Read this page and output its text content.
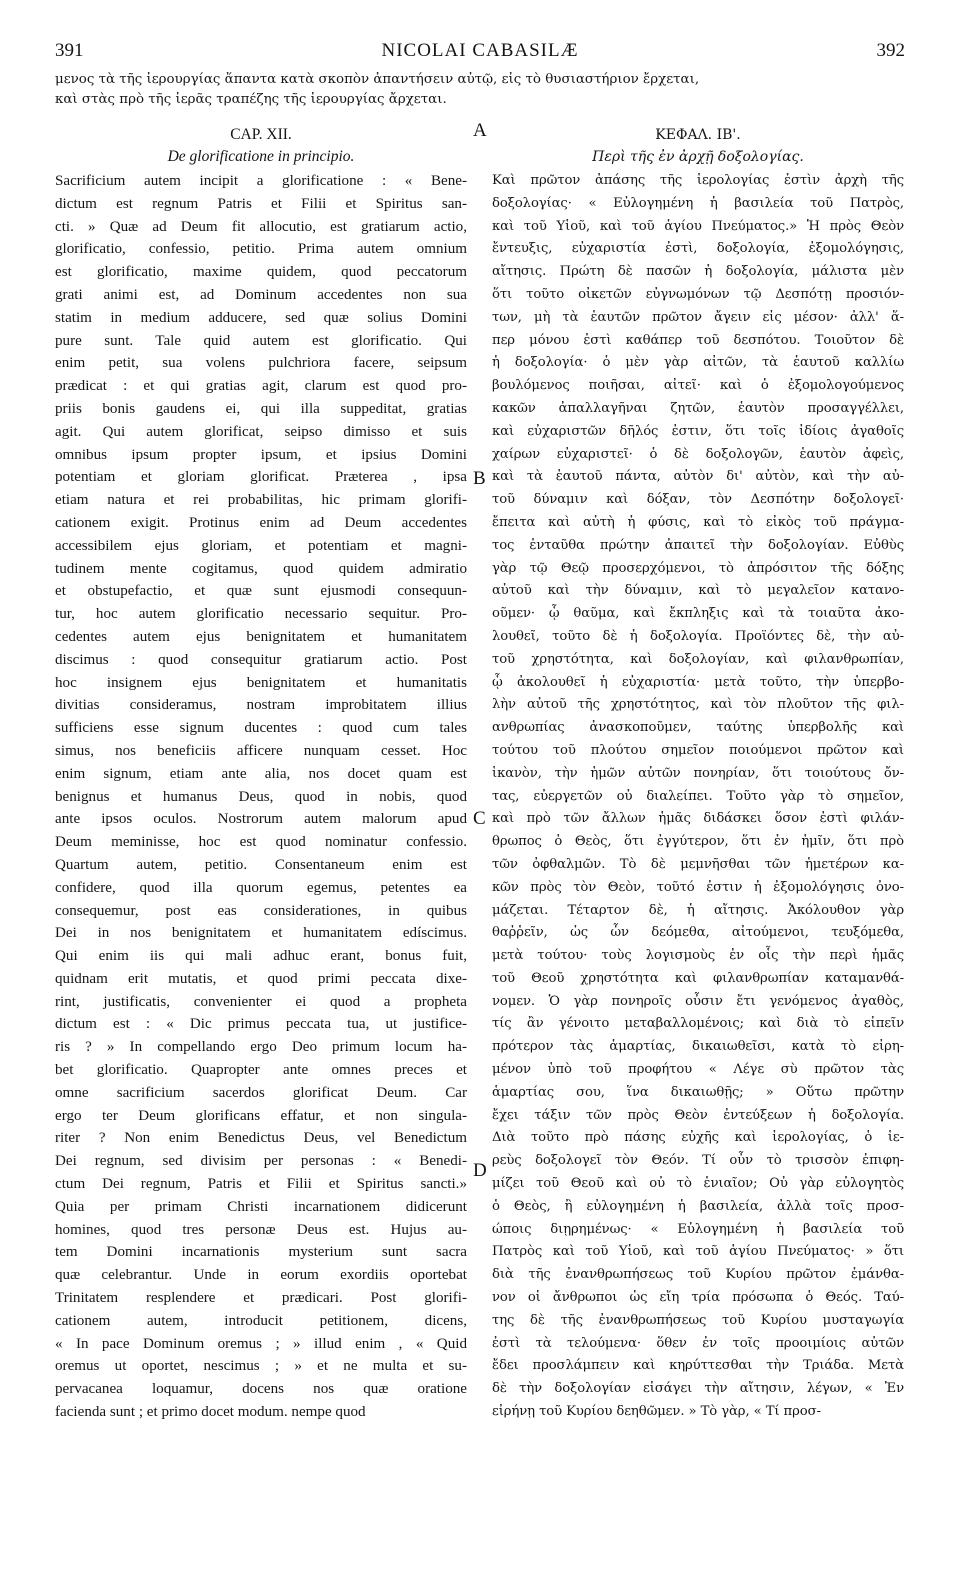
391	NICOLAI CABASILÆ	392
μενος τὰ τῆς ἱερουργίας ἅπαντα κατὰ σκοπὸν ἀπαντήσειν αὐτῷ, εἰς τὸ θυσιαστήριον ἔρχεται,
καὶ στὰς πρὸ τῆς ἱερᾶς τραπέζης τῆς ἱερουργίας ἄρχεται.
CAP. XII.
De glorificatione in principio.
Sacrificium autem incipit a glorificatione : « Bene-
dictum est regnum Patris et Filii et Spiritus san-
cti. » Quæ ad Deum fit allocutio, est gratiarum actio,
glorificatio, confessio, petitio. Prima autem omnium
est glorificatio, maxime quidem, quod peccatorum
grati animi est, ad Dominum accedentes non sua
statim in medium adducere, sed quæ solius Domini
pure sunt. Tale quid autem est glorificatio. Qui
enim petit, sua volens pulchriora facere, seipsum
prædicat : et qui gratias agit, clarum est quod pro-
priis bonis gaudens ei, qui illa suppeditat, gratias
agit. Qui autem glorificat, seipso dimisso et suis
omnibus ipsum propter ipsum, et ipsius Domini
potentiam et gloriam glorificat. Præterea , ipsa
etiam natura et rei probabilitas, hic primam glorifi-
cationem exigit. Protinus enim ad Deum accedentes
accessibilem ejus gloriam, et potentiam et magni-
tudinem mente cogitamus, quod quidem admiratio
et obstupefactio, et quæ sunt ejusmodi consequun-
tur, hoc autem glorificatio necessario sequitur. Pro-
cedentes autem ejus benignitatem et humanitatem
discimus : quod consequitur gratiarum actio. Post
hoc insignem ejus benignitatem et humanitatis
divitias consideramus, nostram improbitatem illius
sufficiens esse signum ducentes : quod cum tales
simus, nos beneficiis afficere nunquam cesset. Hoc
enim signum, etiam ante alia, nos docet quam est
benignus et humanus Deus, quod in nobis, quod
ante ipsos oculos. Nostrorum autem malorum apud
Deum meminisse, hoc est quod nominatur confessio.
Quartum autem, petitio. Consentaneum enim est
confidere, quod illa quorum egemus, petentes ea
consequemur, post eas considerationes, in quibus
Dei in nos benignitatem et humanitatem edíscimus.
Qui enim iis qui mali adhuc erant, bonus fuit,
quidnam erit mutatis, et quod primi peccata dixe-
rint, justificatis, convenienter ei quod a propheta
dictum est : « Dic primus peccata tua, ut justifice-
ris ? » In compellando ergo Deo primum locum ha-
bet glorificatio. Quapropter ante omnes preces et
omne sacrificium sacerdos glorificat Deum. Car
ergo ter Deum glorificans effatur, et non singula-
riter ? Non enim Benedictus Deus, vel Benedictum
Dei regnum, sed divisim per personas : « Benedi-
ctum Dei regnum, Patris et Filii et Spiritus sancti.»
Quia per primam Christi incarnationem didicerunt
homines, quod tres personæ Deus est. Hujus au-
tem Domini incarnationis mysterium sunt sacra
quæ celebrantur. Unde in eorum exordiis oportebat
Trinitatem resplendere et prædicari. Post glorifi-
cationem autem, introducit petitionem, dicens,
« In pace Dominum oremus ; » illud enim , « Quid
oremus ut oportet, nescimus ; » et ne multa et su-
pervacanea loquamur, docens nos quæ oratione
facienda sunt ; et primo docet modum. nempe quod
ΚΕΦΑΛ. ΙΒ'.
Περὶ τῆς ἐν ἀρχῇ δοξολογίας.
Καὶ πρῶτον ἁπάσης τῆς ἱερολογίας ἐστὶν ἀρχὴ τῆς
δοξολογίας· « Εὐλογημένη ἡ βασιλεία τοῦ Πατρὸς,
καὶ τοῦ Υἱοῦ, καὶ τοῦ ἁγίου Πνεύματος.» Ἡ πρὸς Θεὸν
ἔντευξις, εὐχαριστία ἐστὶ, δοξολογία, ἐξομολόγησις,
αἴτησις. Πρώτη δὲ πασῶν ἡ δοξολογία, μάλιστα μὲν
ὅτι τοῦτο οἰκετῶν εὐγνωμόνων τῷ Δεσπότῃ προσιόν-
των, μὴ τὰ ἑαυτῶν πρῶτον ἄγειν εἰς μέσον· ἀλλ' ἅ-
περ μόνου ἐστὶ καθάπερ τοῦ δεσπότου. Τοιοῦτον δὲ
ἡ δοξολογία· ὁ μὲν γὰρ αἰτῶν, τὰ ἑαυτοῦ καλλίω
βουλόμενος ποιῆσαι, αἰτεῖ· καὶ ὁ ἐξομολογούμενος
κακῶν ἀπαλλαγῆναι ζητῶν, ἑαυτὸν προσαγγέλλει,
καὶ εὐχαριστῶν δῆλός ἐστιν, ὅτι τοῖς ἰδίοις ἀγαθοῖς
χαίρων εὐχαριστεῖ· ὁ δὲ δοξολογῶν, ἑαυτὸν ἀφεὶς,
καὶ τὰ ἑαυτοῦ πάντα, αὐτὸν δι' αὐτὸν, καὶ τὴν αὐ-
τοῦ δύναμιν καὶ δόξαν, τὸν Δεσπότην δοξολογεῖ·
ἔπειτα καὶ αὐτὴ ἡ φύσις, καὶ τὸ εἰκὸς τοῦ πράγμα-
τος ἐνταῦθα πρώτην ἀπαιτεῖ τὴν δοξολογίαν. Εὐθὺς
γὰρ τῷ Θεῷ προσερχόμενοι, τὸ ἀπρόσιτον τῆς δόξης
αὐτοῦ καὶ τὴν δύναμιν, καὶ τὸ μεγαλεῖον κατανο-
οῦμεν· ᾧ θαῦμα, καὶ ἔκπληξις καὶ τὰ τοιαῦτα ἀκο-
λουθεῖ, τοῦτο δὲ ἡ δοξολογία. Προϊόντες δὲ, τὴν αὐ-
τοῦ χρηστότητα, καὶ δοξολογίαν, καὶ φιλανθρωπίαν,
ᾧ ἀκολουθεῖ ἡ εὐχαριστία· μετὰ τοῦτο, τὴν ὑπερβο-
λὴν αὐτοῦ τῆς χρηστότητος, καὶ τὸν πλοῦτον τῆς φιλ-
ανθρωπίας ἀνασκοποῦμεν, ταύτης ὑπερβολῆς καὶ
τούτου τοῦ πλούτου σημεῖον ποιούμενοι πρῶτον καὶ
ἱκανὸν, τὴν ἡμῶν αὐτῶν πονηρίαν, ὅτι τοιούτους ὄν-
τας, εὐεργετῶν οὐ διαλείπει. Τοῦτο γὰρ τὸ σημεῖον,
καὶ πρὸ τῶν ἄλλων ἡμᾶς διδάσκει ὅσον ἐστὶ φιλάν-
θρωπος ὁ Θεὸς, ὅτι ἐγγύτερον, ὅτι ἐν ἡμῖν, ὅτι πρὸ
τῶν ὀφθαλμῶν. Τὸ δὲ μεμνῆσθαι τῶν ἡμετέρων κα-
κῶν πρὸς τὸν Θεὸν, τοῦτό ἐστιν ἡ ἐξομολόγησις ὀνο-
μάζεται. Τέταρτον δὲ, ἡ αἴτησις. Ἀκόλουθον γὰρ
θαῤῥεῖν, ὡς ὧν δεόμεθα, αἰτούμενοι, τευξόμεθα,
μετὰ τούτου· τοὺς λογισμοὺς ἐν οἷς τὴν περὶ ἡμᾶς
τοῦ Θεοῦ χρηστότητα καὶ φιλανθρωπίαν καταμανθά-
νομεν. Ὁ γὰρ πονηροῖς οὖσιν ἔτι γενόμενος ἀγαθὸς,
τίς ἂν γένοιτο μεταβαλλομένοις; καὶ διὰ τὸ εἰπεῖν
πρότερον τὰς ἁμαρτίας, δικαιωθεῖσι, κατὰ τὸ εἰρη-
μένον ὑπὸ τοῦ προφήτου « Λέγε σὺ πρῶτον τὰς
ἁμαρτίας σου, ἵνα δικαιωθῇς; » Οὕτω πρῶτην
ἔχει τάξιν τῶν πρὸς Θεὸν ἐντεύξεων ἡ δοξολογία.
Διὰ τοῦτο πρὸ πάσης εὐχῆς καὶ ἱερολογίας, ὁ ἱε-
ρεὺς δοξολογεῖ τὸν Θεόν. Τί οὖν τὸ τρισσὸν ἐπιφη-
μίζει τοῦ Θεοῦ καὶ οὐ τὸ ἑνιαῖον; Οὐ γὰρ εὐλογητὸς
ὁ Θεὸς, ἢ εὐλογημένη ἡ βασιλεία, ἀλλὰ τοῖς προσ-
ώποις διῃρημένως· « Εὐλογημένη ἡ βασιλεία τοῦ
Πατρὸς καὶ τοῦ Υἱοῦ, καὶ τοῦ ἁγίου Πνεύματος· » ὅτι
διὰ τῆς ἐνανθρωπήσεως τοῦ Κυρίου πρῶτον ἐμάνθα-
νον οἱ ἄνθρωποι ὡς εἴη τρία πρόσωπα ὁ Θεός. Ταύ-
της δὲ τῆς ἐνανθρωπήσεως τοῦ Κυρίου μυσταγωγία
ἐστὶ τὰ τελούμενα· ὅθεν ἐν τοῖς προοιμίοις αὐτῶν
ἔδει προσλάμπειν καὶ κηρύττεσθαι τὴν Τριάδα. Μετὰ
δὲ τὴν δοξολογίαν εἰσάγει τὴν αἴτησιν, λέγων, « Ἐν
εἰρήνῃ τοῦ Κυρίου δεηθῶμεν. » Τὸ γὰρ, « Τί προσ-
A
B
C
D
